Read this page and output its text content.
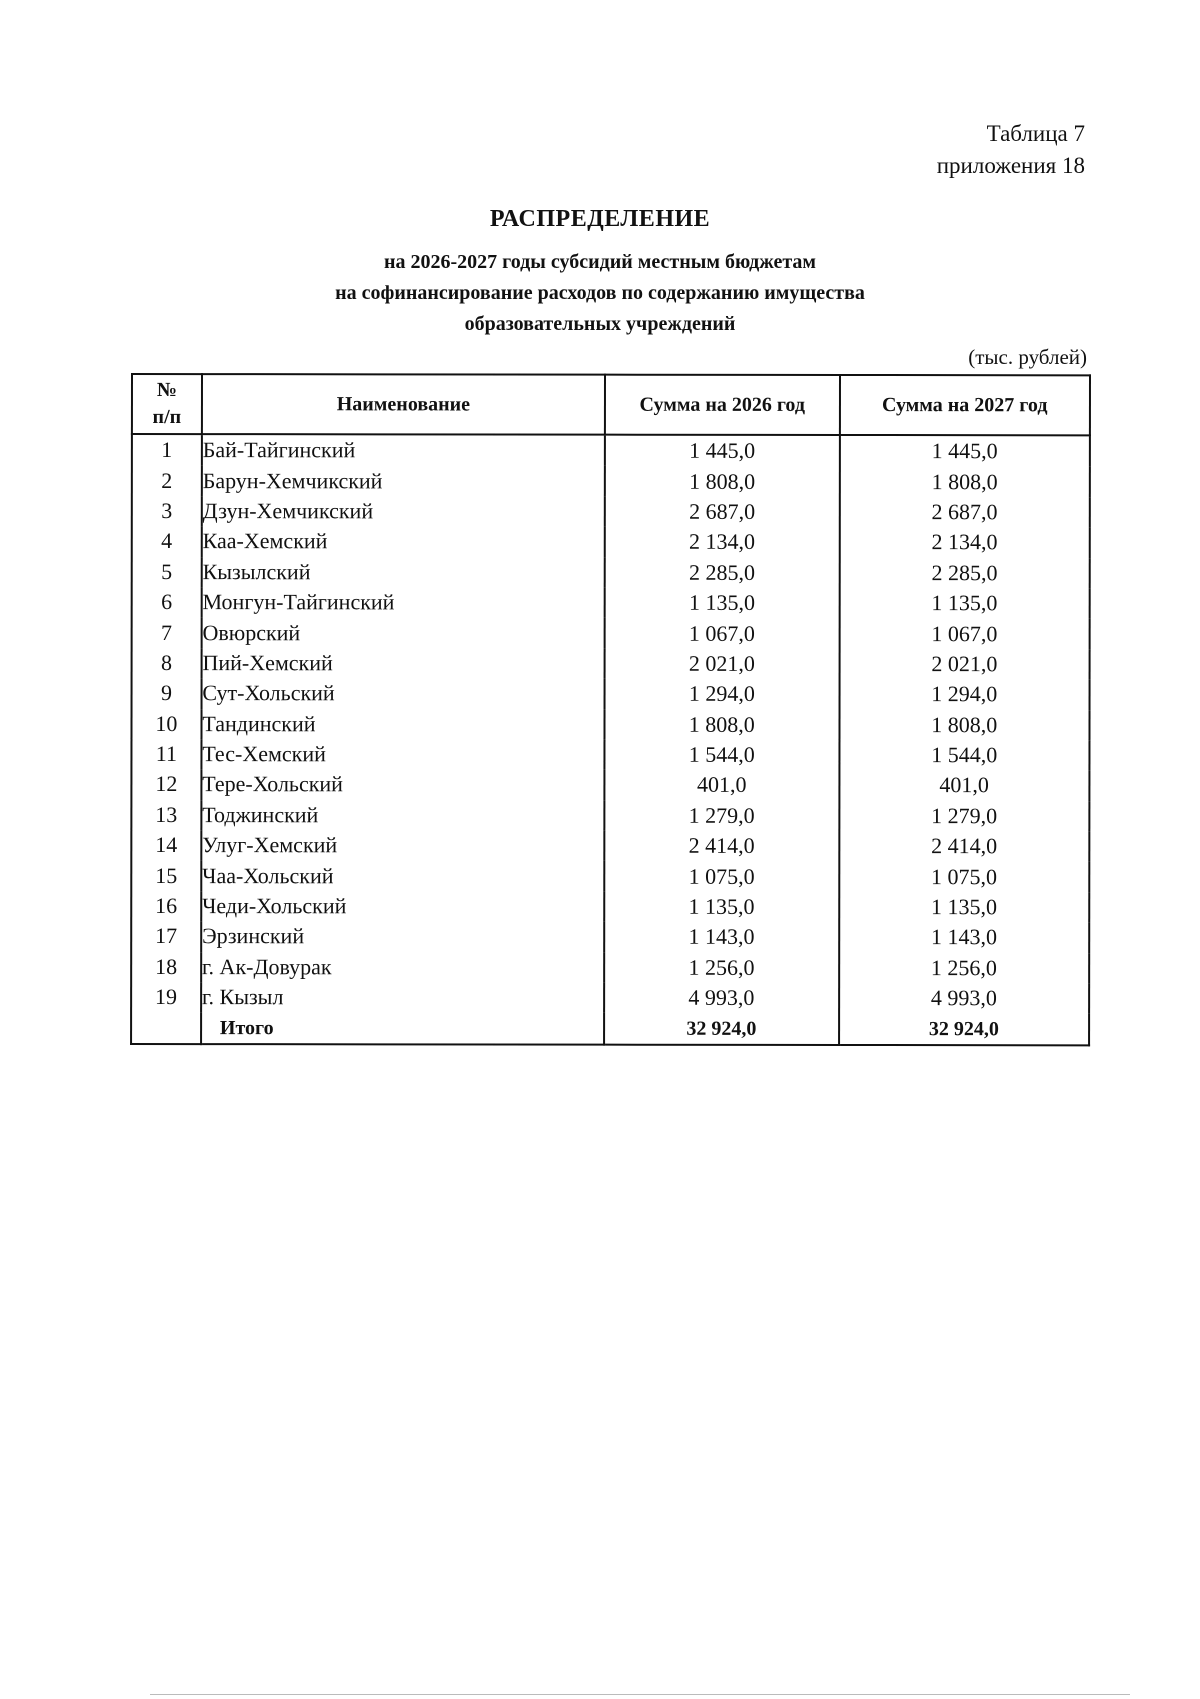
Таблица 7
приложения 18
РАСПРЕДЕЛЕНИЕ
на 2026-2027 годы субсидий местным бюджетам
на софинансирование расходов по содержанию имущества
образовательных учреждений
(тыс. рублей)
№
п/п	Наименование	Сумма на 2026 год	Сумма на 2027 год
1	Бай-Тайгинский	1 445,0	1 445,0
2	Барун-Хемчикский	1 808,0	1 808,0
3	Дзун-Хемчикский	2 687,0	2 687,0
4	Каа-Хемский	2 134,0	2 134,0
5	Кызылский	2 285,0	2 285,0
6	Монгун-Тайгинский	1 135,0	1 135,0
7	Овюрский	1 067,0	1 067,0
8	Пий-Хемский	2 021,0	2 021,0
9	Сут-Хольский	1 294,0	1 294,0
10	Тандинский	1 808,0	1 808,0
11	Тес-Хемский	1 544,0	1 544,0
12	Тере-Хольский	401,0	401,0
13	Тоджинский	1 279,0	1 279,0
14	Улуг-Хемский	2 414,0	2 414,0
15	Чаа-Хольский	1 075,0	1 075,0
16	Чеди-Хольский	1 135,0	1 135,0
17	Эрзинский	1 143,0	1 143,0
18	г. Ак-Довурак	1 256,0	1 256,0
19	г. Кызыл	4 993,0	4 993,0
	Итого	32 924,0	32 924,0
